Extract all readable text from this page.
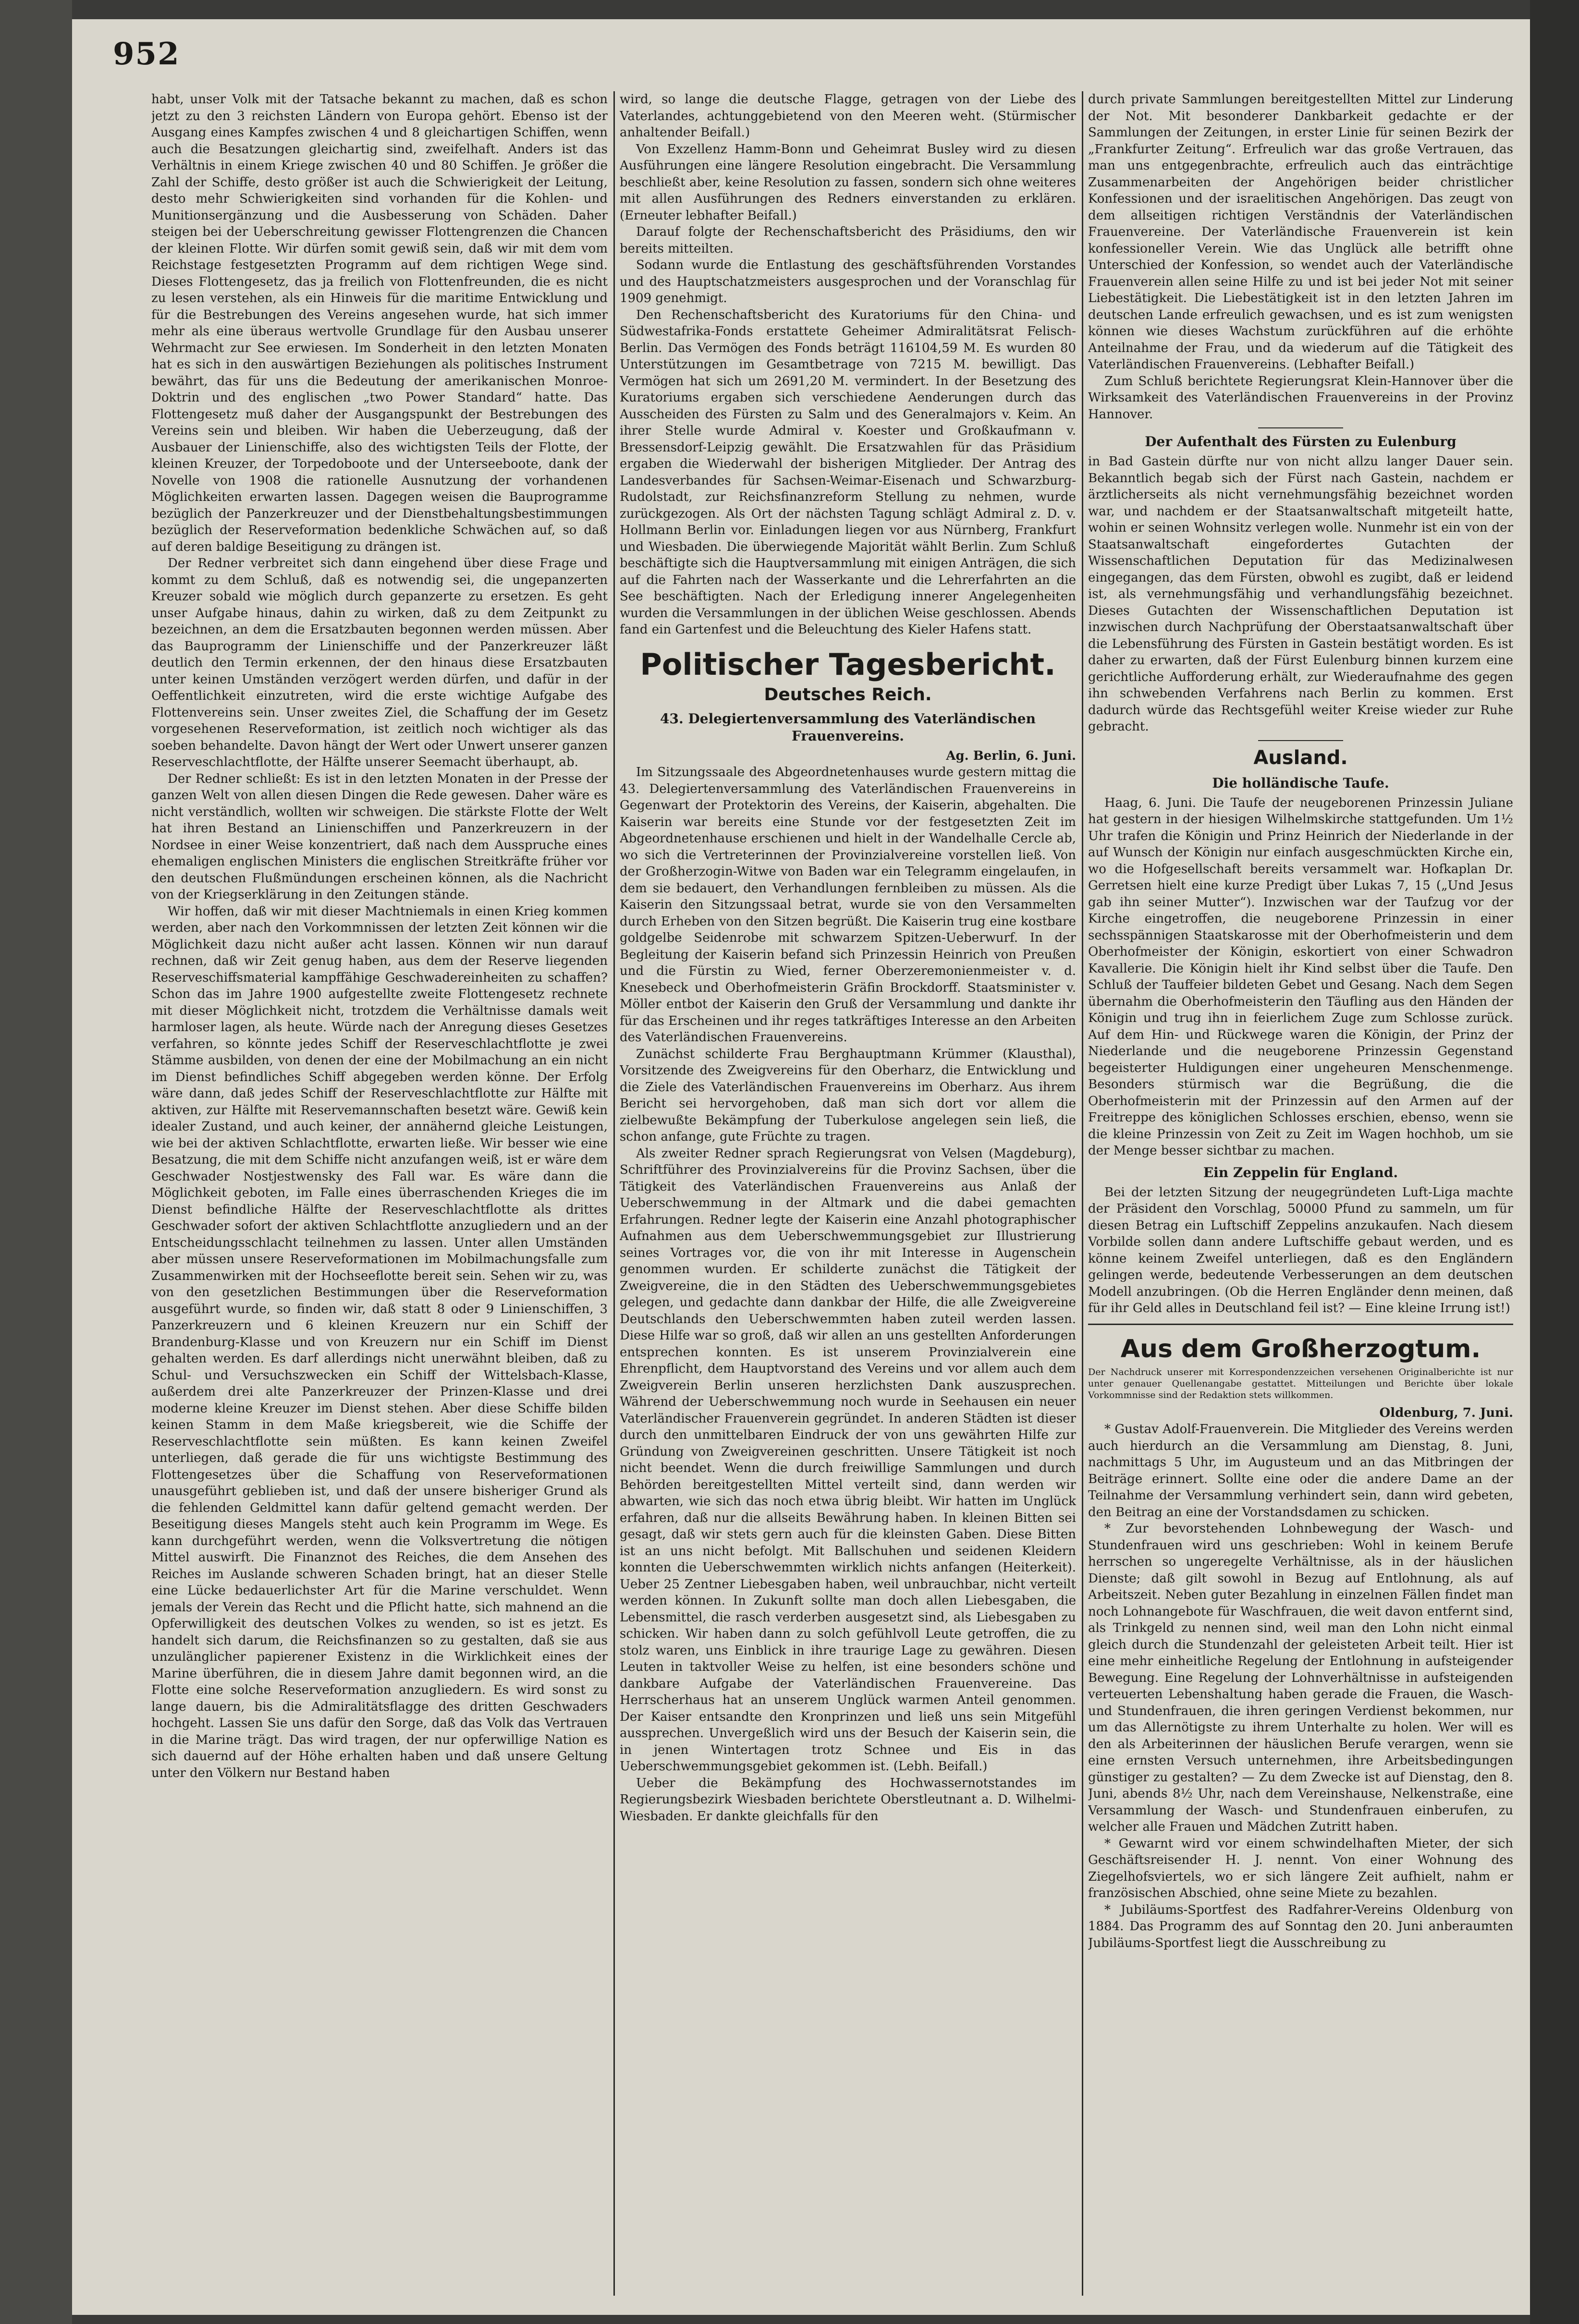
952

habt, unser Volk mit der Tatsache bekannt zu machen, daß es schon jetzt zu den 3 reichsten Ländern von Europa gehört. Ebenso ist der Ausgang eines Kampfes zwischen 4 und 8 gleichartigen Schiffen, wenn auch die Besatzungen gleichartig sind, zweifelhaft. Anders ist das Verhältnis in einem Kriege zwischen 40 und 80 Schiffen. Je größer die Zahl der Schiffe, desto größer ist auch die Schwierigkeit der Leitung, desto mehr Schwierigkeiten sind vorhanden für die Kohlen- und Munitionsergänzung und die Ausbesserung von Schäden. Daher steigen bei der Ueberschreitung gewisser Flottengrenzen die Chancen der kleinen Flotte. Wir dürfen somit gewiß sein, daß wir mit dem vom Reichstage festgesetzten Programm auf dem richtigen Wege sind. Dieses Flottengesetz, das ja freilich von Flottenfreunden, die es nicht zu lesen verstehen, als ein Hinweis für die maritime Entwicklung und für die Bestrebungen des Vereins angesehen wurde, hat sich immer mehr als eine überaus wertvolle Grundlage für den Ausbau unserer Wehrmacht zur See erwiesen. Im Sonderheit in den letzten Monaten hat es sich in den auswärtigen Beziehungen als politisches Instrument bewährt, das für uns die Bedeutung der amerikanischen Monroe-Doktrin und des englischen „two Power Standard“ hatte. Das Flottengesetz muß daher der Ausgangspunkt der Bestrebungen des Vereins sein und bleiben. Wir haben die Ueberzeugung, daß der Ausbauer der Linienschiffe, also des wichtigsten Teils der Flotte, der kleinen Kreuzer, der Torpedoboote und der Unterseeboote, dank der Novelle von 1908 die rationelle Ausnutzung der vorhandenen Möglichkeiten erwarten lassen. Dagegen weisen die Bauprogramme bezüglich der Panzerkreuzer und der Dienstbehaltungsbestimmungen bezüglich der Reserveformation bedenkliche Schwächen auf, so daß auf deren baldige Beseitigung zu drängen ist.

Der Redner verbreitet sich dann eingehend über diese Frage und kommt zu dem Schluß, daß es notwendig sei, die ungepanzerten Kreuzer sobald wie möglich durch gepanzerte zu ersetzen. Es geht unser Aufgabe hinaus, dahin zu wirken, daß zu dem Zeitpunkt zu bezeichnen, an dem die Ersatzbauten begonnen werden müssen. Aber das Bauprogramm der Linienschiffe und der Panzerkreuzer läßt deutlich den Termin erkennen, der den hinaus diese Ersatzbauten unter keinen Umständen verzögert werden dürfen, und dafür in der Oeffentlichkeit einzutreten, wird die erste wichtige Aufgabe des Flottenvereins sein. Unser zweites Ziel, die Schaffung der im Gesetz vorgesehenen Reserveformation, ist zeitlich noch wichtiger als das soeben behandelte. Davon hängt der Wert oder Unwert unserer ganzen Reserveschlachtflotte, der Hälfte unserer Seemacht überhaupt, ab.

Der Redner schließt: Es ist in den letzten Monaten in der Presse der ganzen Welt von allen diesen Dingen die Rede gewesen. Daher wäre es nicht verständlich, wollten wir schweigen. Die stärkste Flotte der Welt hat ihren Bestand an Linienschiffen und Panzerkreuzern in der Nordsee in einer Weise konzentriert, daß nach dem Ausspruche eines ehemaligen englischen Ministers die englischen Streitkräfte früher vor den deutschen Flußmündungen erscheinen können, als die Nachricht von der Kriegserklärung in den Zeitungen stände.

Wir hoffen, daß wir mit dieser Machtniemals in einen Krieg kommen werden, aber nach den Vorkommnissen der letzten Zeit können wir die Möglichkeit dazu nicht außer acht lassen. Können wir nun darauf rechnen, daß wir Zeit genug haben, aus dem der Reserve liegenden Reserveschiffsmaterial kampffähige Geschwadereinheiten zu schaffen? Schon das im Jahre 1900 aufgestellte zweite Flottengesetz rechnete mit dieser Möglichkeit nicht, trotzdem die Verhältnisse damals weit harmloser lagen, als heute. Würde nach der Anregung dieses Gesetzes verfahren, so könnte jedes Schiff der Reserveschlachtflotte je zwei Stämme ausbilden, von denen der eine der Mobilmachung an ein nicht im Dienst befindliches Schiff abgegeben werden könne. Der Erfolg wäre dann, daß jedes Schiff der Reserveschlachtflotte zur Hälfte mit aktiven, zur Hälfte mit Reservemannschaften besetzt wäre. Gewiß kein idealer Zustand, und auch keiner, der annähernd gleiche Leistungen, wie bei der aktiven Schlachtflotte, erwarten ließe. Wir besser wie eine Besatzung, die mit dem Schiffe nicht anzufangen weiß, ist er wäre dem Geschwader Nostjestwensky des Fall war. Es wäre dann die Möglichkeit geboten, im Falle eines überraschenden Krieges die im Dienst befindliche Hälfte der Reserveschlachtflotte als drittes Geschwader sofort der aktiven Schlachtflotte anzugliedern und an der Entscheidungsschlacht teilnehmen zu lassen. Unter allen Umständen aber müssen unsere Reserveformationen im Mobilmachungsfalle zum Zusammenwirken mit der Hochseeflotte bereit sein. Sehen wir zu, was von den gesetzlichen Bestimmungen über die Reserveformation ausgeführt wurde, so finden wir, daß statt 8 oder 9 Linienschiffen, 3 Panzerkreuzern und 6 kleinen Kreuzern nur ein Schiff der Brandenburg-Klasse und von Kreuzern nur ein Schiff im Dienst gehalten werden. Es darf allerdings nicht unerwähnt bleiben, daß zu Schul- und Versuchszwecken ein Schiff der Wittelsbach-Klasse, außerdem drei alte Panzerkreuzer der Prinzen-Klasse und drei moderne kleine Kreuzer im Dienst stehen. Aber diese Schiffe bilden keinen Stamm in dem Maße kriegsbereit, wie die Schiffe der Reserveschlachtflotte sein müßten. Es kann keinen Zweifel unterliegen, daß gerade die für uns wichtigste Bestimmung des Flottengesetzes über die Schaffung von Reserveformationen unausgeführt geblieben ist, und daß der unsere bisheriger Grund als die fehlenden Geldmittel kann dafür geltend gemacht werden. Der Beseitigung dieses Mangels steht auch kein Programm im Wege. Es kann durchgeführt werden, wenn die Volksvertretung die nötigen Mittel auswirft. Die Finanznot des Reiches, die dem Ansehen des Reiches im Auslande schweren Schaden bringt, hat an dieser Stelle eine Lücke bedauerlichster Art für die Marine verschuldet. Wenn jemals der Verein das Recht und die Pflicht hatte, sich mahnend an die Opferwilligkeit des deutschen Volkes zu wenden, so ist es jetzt. Es handelt sich darum, die Reichsfinanzen so zu gestalten, daß sie aus unzulänglicher papierener Existenz in die Wirklichkeit eines der Marine überführen, die in diesem Jahre damit begonnen wird, an die Flotte eine solche Reserveformation anzugliedern. Es wird sonst zu lange dauern, bis die Admiralitätsflagge des dritten Geschwaders hochgeht. Lassen Sie uns dafür den Sorge, daß das Volk das Vertrauen in die Marine trägt. Das wird tragen, der nur opferwillige Nation es sich dauernd auf der Höhe erhalten haben und daß unsere Geltung unter den Völkern nur Bestand haben

wird, so lange die deutsche Flagge, getragen von der Liebe des Vaterlandes, achtunggebietend von den Meeren weht. (Stürmischer anhaltender Beifall.)

Von Exzellenz Hamm-Bonn und Geheimrat Busley wird zu diesen Ausführungen eine längere Resolution eingebracht. Die Versammlung beschließt aber, keine Resolution zu fassen, sondern sich ohne weiteres mit allen Ausführungen des Redners einverstanden zu erklären. (Erneuter lebhafter Beifall.)

Darauf folgte der Rechenschaftsbericht des Präsidiums, den wir bereits mitteilten.

Sodann wurde die Entlastung des geschäftsführenden Vorstandes und des Hauptschatzmeisters ausgesprochen und der Voranschlag für 1909 genehmigt.

Den Rechenschaftsbericht des Kuratoriums für den China- und Südwestafrika-Fonds erstattete Geheimer Admiralitätsrat Felisch-Berlin. Das Vermögen des Fonds beträgt 116104,59 M. Es wurden 80 Unterstützungen im Gesamtbetrage von 7215 M. bewilligt. Das Vermögen hat sich um 2691,20 M. vermindert. In der Besetzung des Kuratoriums ergaben sich verschiedene Aenderungen durch das Ausscheiden des Fürsten zu Salm und des Generalmajors v. Keim. An ihrer Stelle wurde Admiral v. Koester und Großkaufmann v. Bressensdorf-Leipzig gewählt. Die Ersatzwahlen für das Präsidium ergaben die Wiederwahl der bisherigen Mitglieder. Der Antrag des Landesverbandes für Sachsen-Weimar-Eisenach und Schwarzburg-Rudolstadt, zur Reichsfinanzreform Stellung zu nehmen, wurde zurückgezogen. Als Ort der nächsten Tagung schlägt Admiral z. D. v. Hollmann Berlin vor. Einladungen liegen vor aus Nürnberg, Frankfurt und Wiesbaden. Die überwiegende Majorität wählt Berlin. Zum Schluß beschäftigte sich die Hauptversammlung mit einigen Anträgen, die sich auf die Fahrten nach der Wasserkante und die Lehrerfahrten an die See beschäftigten. Nach der Erledigung innerer Angelegenheiten wurden die Versammlungen in der üblichen Weise geschlossen. Abends fand ein Gartenfest und die Beleuchtung des Kieler Hafens statt.

Politischer Tagesbericht.
Deutsches Reich.
43. Delegiertenversammlung des Vaterländischen Frauenvereins.

Ag. Berlin, 6. Juni.

Im Sitzungssaale des Abgeordnetenhauses wurde gestern mittag die 43. Delegiertenversammlung des Vaterländischen Frauenvereins in Gegenwart der Protektorin des Vereins, der Kaiserin, abgehalten. Die Kaiserin war bereits eine Stunde vor der festgesetzten Zeit im Abgeordnetenhause erschienen und hielt in der Wandelhalle Cercle ab, wo sich die Vertreterinnen der Provinzialvereine vorstellen ließ. Von der Großherzogin-Witwe von Baden war ein Telegramm eingelaufen, in dem sie bedauert, den Verhandlungen fernbleiben zu müssen. Als die Kaiserin den Sitzungssaal betrat, wurde sie von den Versammelten durch Erheben von den Sitzen begrüßt. Die Kaiserin trug eine kostbare goldgelbe Seidenrobe mit schwarzem Spitzen-Ueberwurf. In der Begleitung der Kaiserin befand sich Prinzessin Heinrich von Preußen und die Fürstin zu Wied, ferner Oberzeremonienmeister v. d. Knesebeck und Oberhofmeisterin Gräfin Brockdorff. Staatsminister v. Möller entbot der Kaiserin den Gruß der Versammlung und dankte ihr für das Erscheinen und ihr reges tatkräftiges Interesse an den Arbeiten des Vaterländischen Frauenvereins.

Zunächst schilderte Frau Berghauptmann Krümmer (Klausthal), Vorsitzende des Zweigvereins für den Oberharz, die Entwicklung und die Ziele des Vaterländischen Frauenvereins im Oberharz. Aus ihrem Bericht sei hervorgehoben, daß man sich dort vor allem die zielbewußte Bekämpfung der Tuberkulose angelegen sein ließ, die schon anfange, gute Früchte zu tragen.

Als zweiter Redner sprach Regierungsrat von Velsen (Magdeburg), Schriftführer des Provinzialvereins für die Provinz Sachsen, über die Tätigkeit des Vaterländischen Frauenvereins aus Anlaß der Ueberschwemmung in der Altmark und die dabei gemachten Erfahrungen. Redner legte der Kaiserin eine Anzahl photographischer Aufnahmen aus dem Ueberschwemmungsgebiet zur Illustrierung seines Vortrages vor, die von ihr mit Interesse in Augenschein genommen wurden. Er schilderte zunächst die Tätigkeit der Zweigvereine, die in den Städten des Ueberschwemmungsgebietes gelegen, und gedachte dann dankbar der Hilfe, die alle Zweigvereine Deutschlands den Ueberschwemmten haben zuteil werden lassen. Diese Hilfe war so groß, daß wir allen an uns gestellten Anforderungen entsprechen konnten. Es ist unserem Provinzialverein eine Ehrenpflicht, dem Hauptvorstand des Vereins und vor allem auch dem Zweigverein Berlin unseren herzlichsten Dank auszusprechen. Während der Ueberschwemmung noch wurde in Seehausen ein neuer Vaterländischer Frauenverein gegründet. In anderen Städten ist dieser durch den unmittelbaren Eindruck der von uns gewährten Hilfe zur Gründung von Zweigvereinen geschritten. Unsere Tätigkeit ist noch nicht beendet. Wenn die durch freiwillige Sammlungen und durch Behörden bereitgestellten Mittel verteilt sind, dann werden wir abwarten, wie sich das noch etwa übrig bleibt. Wir hatten im Unglück erfahren, daß nur die allseits Bewährung haben. In kleinen Bitten sei gesagt, daß wir stets gern auch für die kleinsten Gaben. Diese Bitten ist an uns nicht befolgt. Mit Ballschuhen und seidenen Kleidern konnten die Ueberschwemmten wirklich nichts anfangen (Heiterkeit). Ueber 25 Zentner Liebesgaben haben, weil unbrauchbar, nicht verteilt werden können. In Zukunft sollte man doch allen Liebesgaben, die Lebensmittel, die rasch verderben ausgesetzt sind, als Liebesgaben zu schicken. Wir haben dann zu solch gefühlvoll Leute getroffen, die zu stolz waren, uns Einblick in ihre traurige Lage zu gewähren. Diesen Leuten in taktvoller Weise zu helfen, ist eine besonders schöne und dankbare Aufgabe der Vaterländischen Frauenvereine. Das Herrscherhaus hat an unserem Unglück warmen Anteil genommen. Der Kaiser entsandte den Kronprinzen und ließ uns sein Mitgefühl aussprechen. Unvergeßlich wird uns der Besuch der Kaiserin sein, die in jenen Wintertagen trotz Schnee und Eis in das Ueberschwemmungsgebiet gekommen ist. (Lebh. Beifall.)

Ueber die Bekämpfung des Hochwassernotstandes im Regierungsbezirk Wiesbaden berichtete Oberstleutnant a. D. Wilhelmi-Wiesbaden. Er dankte gleichfalls für den

durch private Sammlungen bereitgestellten Mittel zur Linderung der Not. Mit besonderer Dankbarkeit gedachte er der Sammlungen der Zeitungen, in erster Linie für seinen Bezirk der „Frankfurter Zeitung“. Erfreulich war das große Vertrauen, das man uns entgegenbrachte, erfreulich auch das einträchtige Zusammenarbeiten der Angehörigen beider christlicher Konfessionen und der israelitischen Angehörigen. Das zeugt von dem allseitigen richtigen Verständnis der Vaterländischen Frauenvereine. Der Vaterländische Frauenverein ist kein konfessioneller Verein. Wie das Unglück alle betrifft ohne Unterschied der Konfession, so wendet auch der Vaterländische Frauenverein allen seine Hilfe zu und ist bei jeder Not mit seiner Liebestätigkeit. Die Liebestätigkeit ist in den letzten Jahren im deutschen Lande erfreulich gewachsen, und es ist zum wenigsten können wie dieses Wachstum zurückführen auf die erhöhte Anteilnahme der Frau, und da wiederum auf die Tätigkeit des Vaterländischen Frauenvereins. (Lebhafter Beifall.)

Zum Schluß berichtete Regierungsrat Klein-Hannover über die Wirksamkeit des Vaterländischen Frauenvereins in der Provinz Hannover.

Der Aufenthalt des Fürsten zu Eulenburg

in Bad Gastein dürfte nur von nicht allzu langer Dauer sein. Bekanntlich begab sich der Fürst nach Gastein, nachdem er ärztlicherseits als nicht vernehmungsfähig bezeichnet worden war, und nachdem er der Staatsanwaltschaft mitgeteilt hatte, wohin er seinen Wohnsitz verlegen wolle. Nunmehr ist ein von der Staatsanwaltschaft eingefordertes Gutachten der Wissenschaftlichen Deputation für das Medizinalwesen eingegangen, das dem Fürsten, obwohl es zugibt, daß er leidend ist, als vernehmungsfähig und verhandlungsfähig bezeichnet. Dieses Gutachten der Wissenschaftlichen Deputation ist inzwischen durch Nachprüfung der Oberstaatsanwaltschaft über die Lebensführung des Fürsten in Gastein bestätigt worden. Es ist daher zu erwarten, daß der Fürst Eulenburg binnen kurzem eine gerichtliche Aufforderung erhält, zur Wiederaufnahme des gegen ihn schwebenden Verfahrens nach Berlin zu kommen. Erst dadurch würde das Rechtsgefühl weiter Kreise wieder zur Ruhe gebracht.

Ausland.
Die holländische Taufe.

Haag, 6. Juni. Die Taufe der neugeborenen Prinzessin Juliane hat gestern in der hiesigen Wilhelmskirche stattgefunden. Um 1½ Uhr trafen die Königin und Prinz Heinrich der Niederlande in der auf Wunsch der Königin nur einfach ausgeschmückten Kirche ein, wo die Hofgesellschaft bereits versammelt war. Hofkaplan Dr. Gerretsen hielt eine kurze Predigt über Lukas 7, 15 („Und Jesus gab ihn seiner Mutter“). Inzwischen war der Taufzug vor der Kirche eingetroffen, die neugeborene Prinzessin in einer sechsspännigen Staatskarosse mit der Oberhofmeisterin und dem Oberhofmeister der Königin, eskortiert von einer Schwadron Kavallerie. Die Königin hielt ihr Kind selbst über die Taufe. Den Schluß der Tauffeier bildeten Gebet und Gesang. Nach dem Segen übernahm die Oberhofmeisterin den Täufling aus den Händen der Königin und trug ihn in feierlichem Zuge zum Schlosse zurück. Auf dem Hin- und Rückwege waren die Königin, der Prinz der Niederlande und die neugeborene Prinzessin Gegenstand begeisterter Huldigungen einer ungeheuren Menschenmenge. Besonders stürmisch war die Begrüßung, die die Oberhofmeisterin mit der Prinzessin auf den Armen auf der Freitreppe des königlichen Schlosses erschien, ebenso, wenn sie die kleine Prinzessin von Zeit zu Zeit im Wagen hochhob, um sie der Menge besser sichtbar zu machen.

Ein Zeppelin für England.

Bei der letzten Sitzung der neugegründeten Luft-Liga machte der Präsident den Vorschlag, 50000 Pfund zu sammeln, um für diesen Betrag ein Luftschiff Zeppelins anzukaufen. Nach diesem Vorbilde sollen dann andere Luftschiffe gebaut werden, und es könne keinem Zweifel unterliegen, daß es den Engländern gelingen werde, bedeutende Verbesserungen an dem deutschen Modell anzubringen. (Ob die Herren Engländer denn meinen, daß für ihr Geld alles in Deutschland feil ist? — Eine kleine Irrung ist!)

Aus dem Großherzogtum.
Der Nachdruck unserer mit Korrespondenzzeichen versehenen Originalberichte ist nur unter genauer Quellenangabe gestattet. Mitteilungen und Berichte über lokale Vorkommnisse sind der Redaktion stets willkommen.

Oldenburg, 7. Juni.

* Gustav Adolf-Frauenverein. Die Mitglieder des Vereins werden auch hierdurch an die Versammlung am Dienstag, 8. Juni, nachmittags 5 Uhr, im Augusteum und an das Mitbringen der Beiträge erinnert. Sollte eine oder die andere Dame an der Teilnahme der Versammlung verhindert sein, dann wird gebeten, den Beitrag an eine der Vorstandsdamen zu schicken.

* Zur bevorstehenden Lohnbewegung der Wasch- und Stundenfrauen wird uns geschrieben: Wohl in keinem Berufe herrschen so ungeregelte Verhältnisse, als in der häuslichen Dienste; daß gilt sowohl in Bezug auf Entlohnung, als auf Arbeitszeit. Neben guter Bezahlung in einzelnen Fällen findet man noch Lohnangebote für Waschfrauen, die weit davon entfernt sind, als Trinkgeld zu nennen sind, weil man den Lohn nicht einmal gleich durch die Stundenzahl der geleisteten Arbeit teilt. Hier ist eine mehr einheitliche Regelung der Entlohnung in aufsteigender Bewegung. Eine Regelung der Lohnverhältnisse in aufsteigenden verteuerten Lebenshaltung haben gerade die Frauen, die Wasch- und Stundenfrauen, die ihren geringen Verdienst bekommen, nur um das Allernötigste zu ihrem Unterhalte zu holen. Wer will es den als Arbeiterinnen der häuslichen Berufe verargen, wenn sie eine ernsten Versuch unternehmen, ihre Arbeitsbedingungen günstiger zu gestalten? — Zu dem Zwecke ist auf Dienstag, den 8. Juni, abends 8½ Uhr, nach dem Vereinshause, Nelkenstraße, eine Versammlung der Wasch- und Stundenfrauen einberufen, zu welcher alle Frauen und Mädchen Zutritt haben.

* Gewarnt wird vor einem schwindelhaften Mieter, der sich Geschäftsreisender H. J. nennt. Von einer Wohnung des Ziegelhofsviertels, wo er sich längere Zeit aufhielt, nahm er französischen Abschied, ohne seine Miete zu bezahlen.

* Jubiläums-Sportfest des Radfahrer-Vereins Oldenburg von 1884. Das Programm des auf Sonntag den 20. Juni anberaumten Jubiläums-Sportfest liegt die Ausschreibung zu
